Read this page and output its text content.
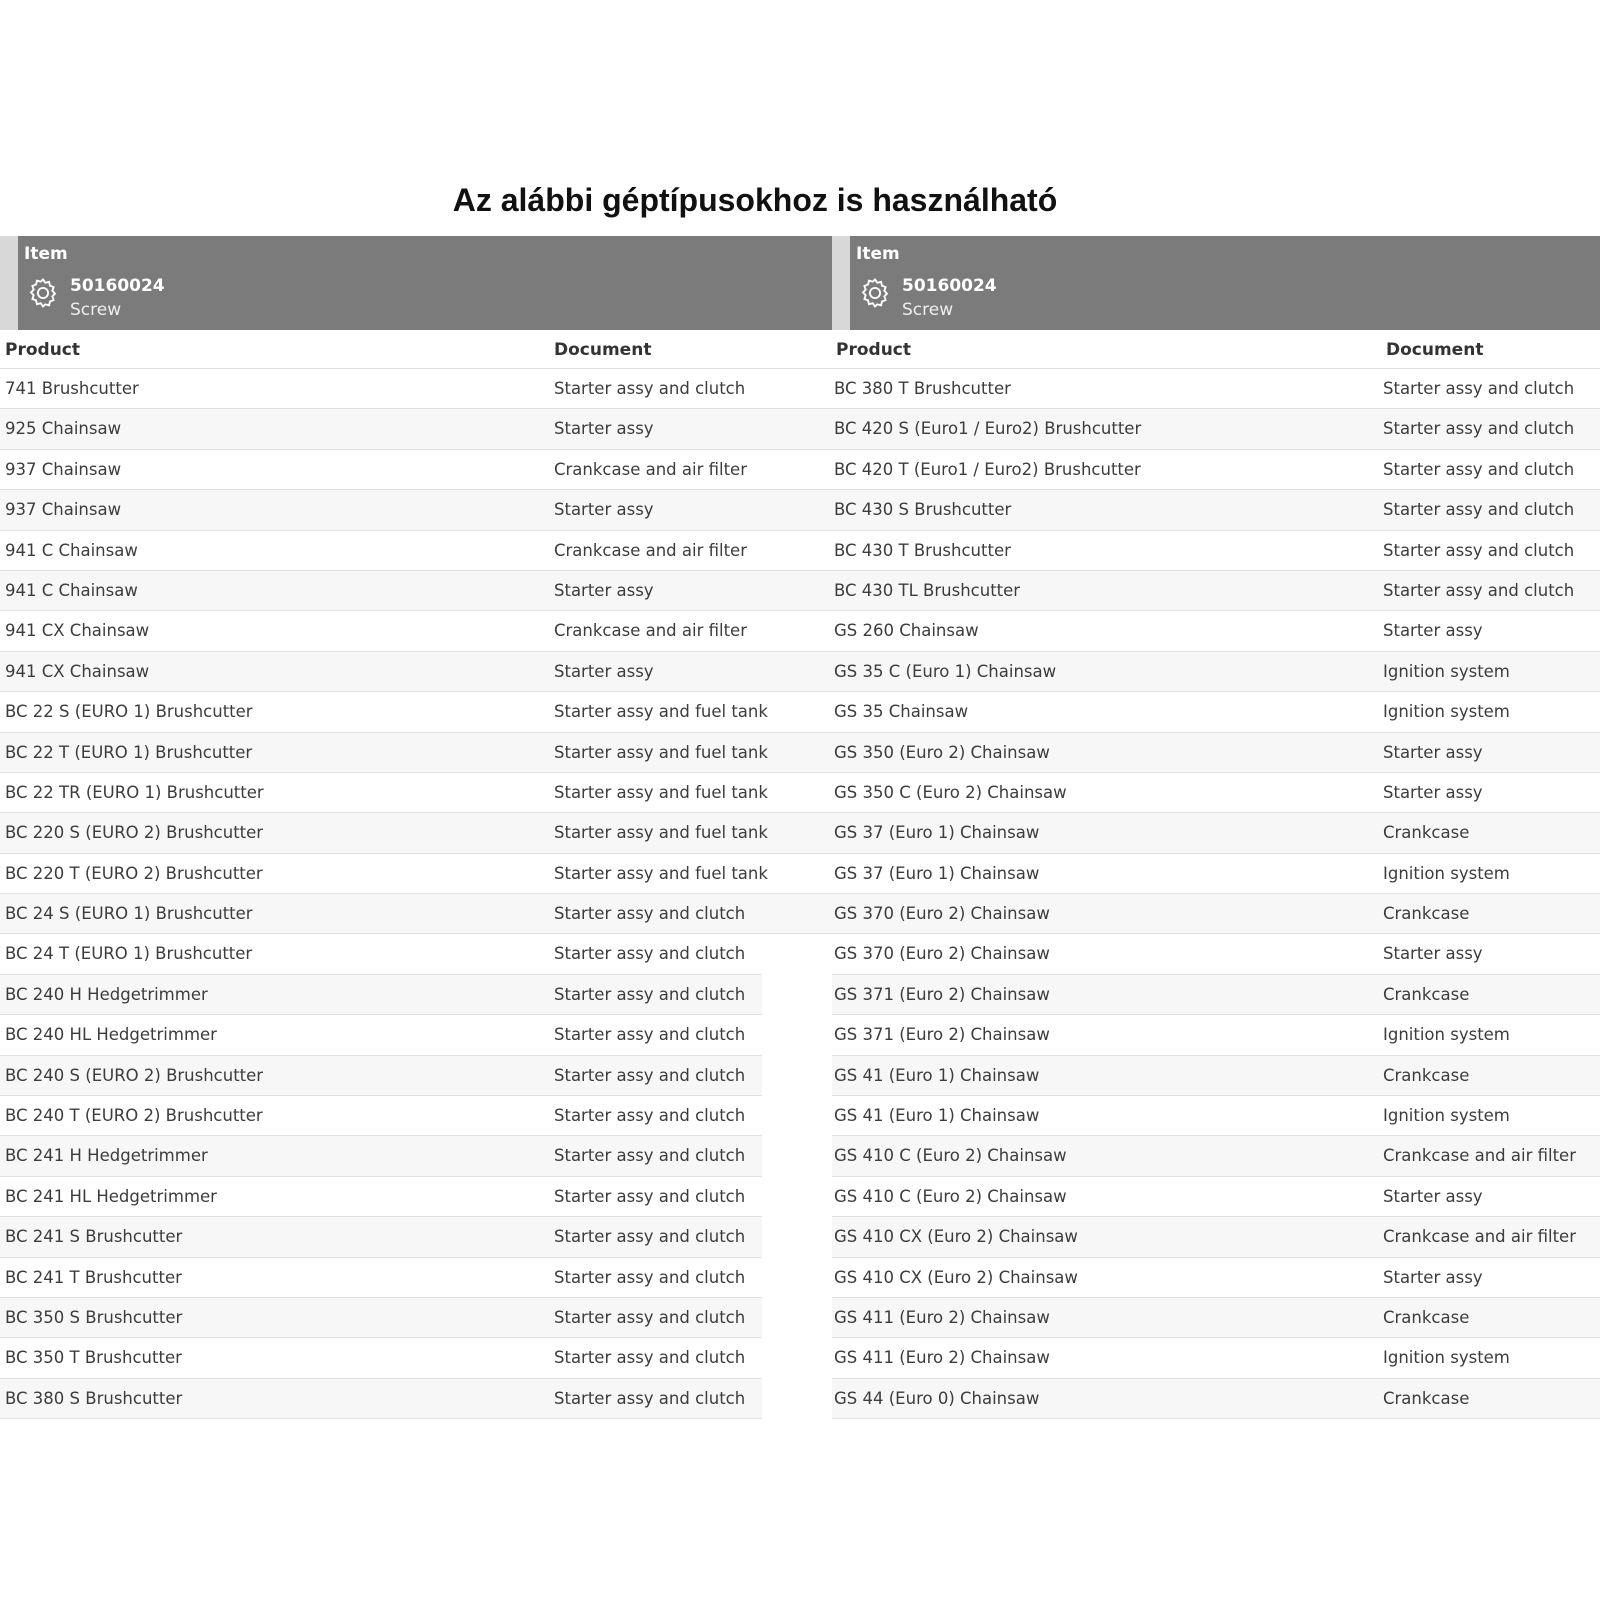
Az alábbi géptípusokhoz is használható
Item
50160024
Screw
Product	Document
741 Brushcutter	Starter assy and clutch
925 Chainsaw	Starter assy
937 Chainsaw	Crankcase and air filter
937 Chainsaw	Starter assy
941 C Chainsaw	Crankcase and air filter
941 C Chainsaw	Starter assy
941 CX Chainsaw	Crankcase and air filter
941 CX Chainsaw	Starter assy
BC 22 S (EURO 1) Brushcutter	Starter assy and fuel tank
BC 22 T (EURO 1) Brushcutter	Starter assy and fuel tank
BC 22 TR (EURO 1) Brushcutter	Starter assy and fuel tank
BC 220 S (EURO 2) Brushcutter	Starter assy and fuel tank
BC 220 T (EURO 2) Brushcutter	Starter assy and fuel tank
BC 24 S (EURO 1) Brushcutter	Starter assy and clutch
BC 24 T (EURO 1) Brushcutter	Starter assy and clutch
BC 240 H Hedgetrimmer	Starter assy and clutch
BC 240 HL Hedgetrimmer	Starter assy and clutch
BC 240 S (EURO 2) Brushcutter	Starter assy and clutch
BC 240 T (EURO 2) Brushcutter	Starter assy and clutch
BC 241 H Hedgetrimmer	Starter assy and clutch
BC 241 HL Hedgetrimmer	Starter assy and clutch
BC 241 S Brushcutter	Starter assy and clutch
BC 241 T Brushcutter	Starter assy and clutch
BC 350 S Brushcutter	Starter assy and clutch
BC 350 T Brushcutter	Starter assy and clutch
BC 380 S Brushcutter	Starter assy and clutch
Item
50160024
Screw
Product	Document
BC 380 T Brushcutter	Starter assy and clutch
BC 420 S (Euro1 / Euro2) Brushcutter	Starter assy and clutch
BC 420 T (Euro1 / Euro2) Brushcutter	Starter assy and clutch
BC 430 S Brushcutter	Starter assy and clutch
BC 430 T Brushcutter	Starter assy and clutch
BC 430 TL Brushcutter	Starter assy and clutch
GS 260 Chainsaw	Starter assy
GS 35 C (Euro 1) Chainsaw	Ignition system
GS 35 Chainsaw	Ignition system
GS 350 (Euro 2) Chainsaw	Starter assy
GS 350 C (Euro 2) Chainsaw	Starter assy
GS 37 (Euro 1) Chainsaw	Crankcase
GS 37 (Euro 1) Chainsaw	Ignition system
GS 370 (Euro 2) Chainsaw	Crankcase
GS 370 (Euro 2) Chainsaw	Starter assy
GS 371 (Euro 2) Chainsaw	Crankcase
GS 371 (Euro 2) Chainsaw	Ignition system
GS 41 (Euro 1) Chainsaw	Crankcase
GS 41 (Euro 1) Chainsaw	Ignition system
GS 410 C (Euro 2) Chainsaw	Crankcase and air filter
GS 410 C (Euro 2) Chainsaw	Starter assy
GS 410 CX (Euro 2) Chainsaw	Crankcase and air filter
GS 410 CX (Euro 2) Chainsaw	Starter assy
GS 411 (Euro 2) Chainsaw	Crankcase
GS 411 (Euro 2) Chainsaw	Ignition system
GS 44 (Euro 0) Chainsaw	Crankcase
